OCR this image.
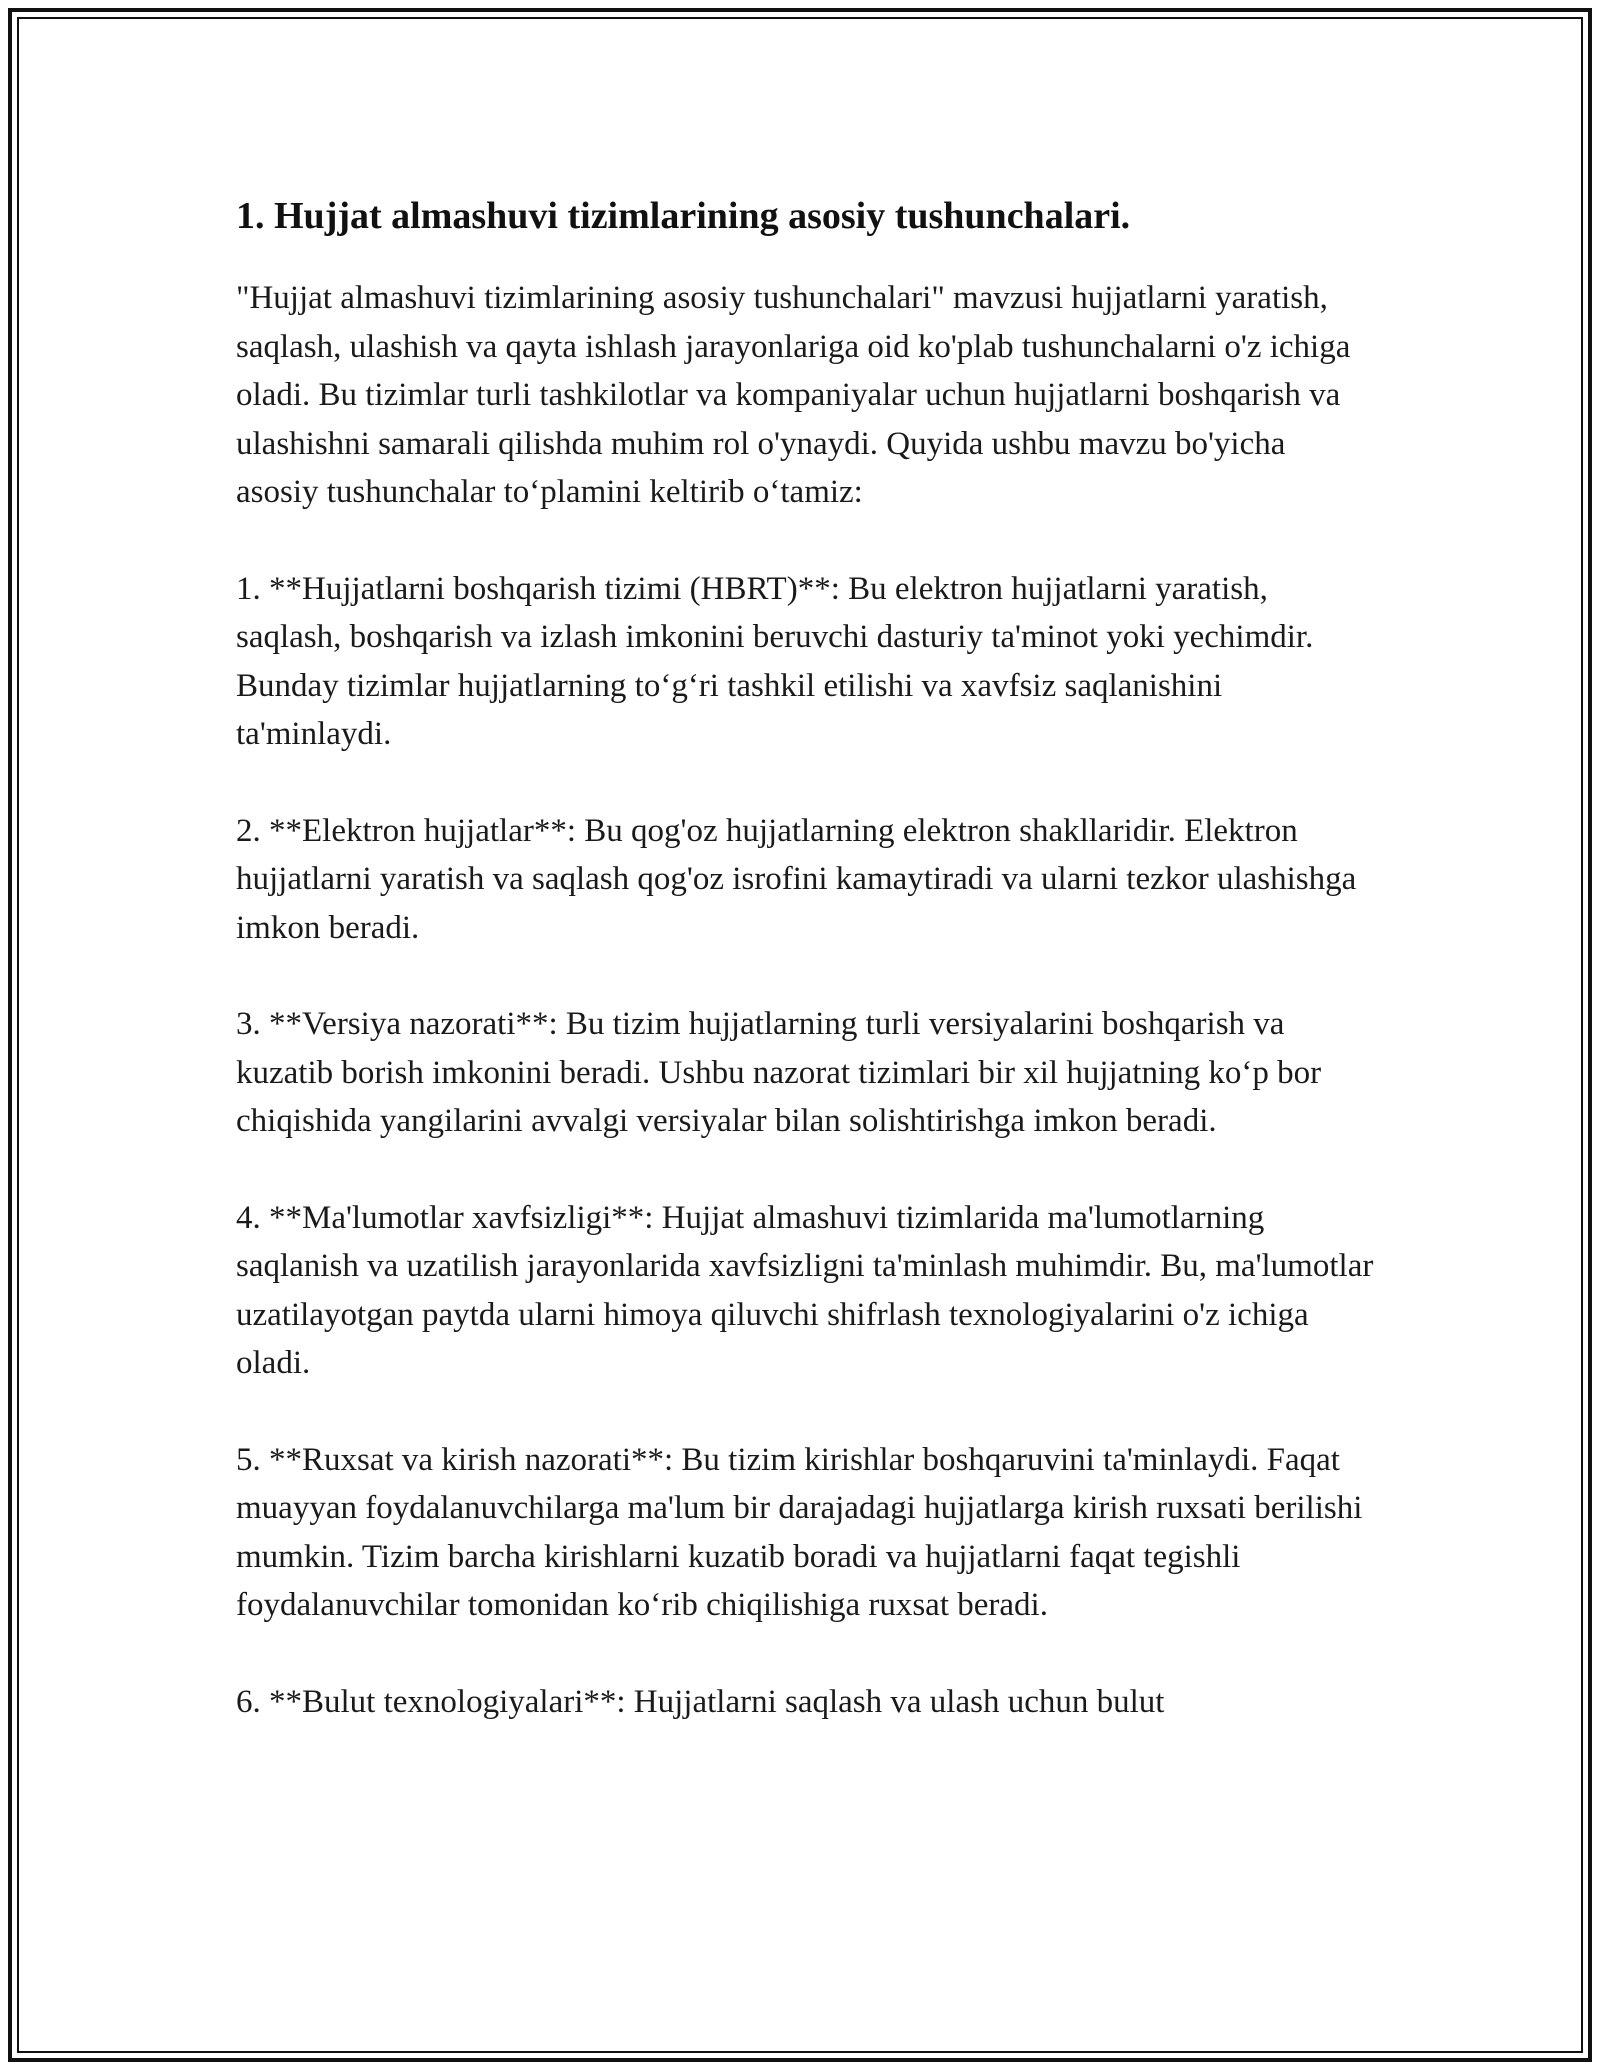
1. Hujjat almashuvi tizimlarining asosiy tushunchalari.

"Hujjat almashuvi tizimlarining asosiy tushunchalari" mavzusi hujjatlarni yaratish, saqlash, ulashish va qayta ishlash jarayonlariga oid ko'plab tushunchalarni o'z ichiga oladi. Bu tizimlar turli tashkilotlar va kompaniyalar uchun hujjatlarni boshqarish va ulashishni samarali qilishda muhim rol o'ynaydi. Quyida ushbu mavzu bo'yicha asosiy tushunchalar to‘plamini keltirib o‘tamiz:

1. **Hujjatlarni boshqarish tizimi (HBRT)**: Bu elektron hujjatlarni yaratish, saqlash, boshqarish va izlash imkonini beruvchi dasturiy ta'minot yoki yechimdir. Bunday tizimlar hujjatlarning to‘g‘ri tashkil etilishi va xavfsiz saqlanishini ta'minlaydi.

2. **Elektron hujjatlar**: Bu qog'oz hujjatlarning elektron shakllaridir. Elektron hujjatlarni yaratish va saqlash qog'oz isrofini kamaytiradi va ularni tezkor ulashishga imkon beradi.

3. **Versiya nazorati**: Bu tizim hujjatlarning turli versiyalarini boshqarish va kuzatib borish imkonini beradi. Ushbu nazorat tizimlari bir xil hujjatning ko‘p bor chiqishida yangilarini avvalgi versiyalar bilan solishtirishga imkon beradi.

4. **Ma'lumotlar xavfsizligi**: Hujjat almashuvi tizimlarida ma'lumotlarning saqlanish va uzatilish jarayonlarida xavfsizligni ta'minlash muhimdir. Bu, ma'lumotlar uzatilayotgan paytda ularni himoya qiluvchi shifrlash texnologiyalarini o'z ichiga oladi.

5. **Ruxsat va kirish nazorati**: Bu tizim kirishlar boshqaruvini ta'minlaydi. Faqat muayyan foydalanuvchilarga ma'lum bir darajadagi hujjatlarga kirish ruxsati berilishi mumkin. Tizim barcha kirishlarni kuzatib boradi va hujjatlarni faqat tegishli foydalanuvchilar tomonidan ko‘rib chiqilishiga ruxsat beradi.

6. **Bulut texnologiyalari**: Hujjatlarni saqlash va ulash uchun bulut
